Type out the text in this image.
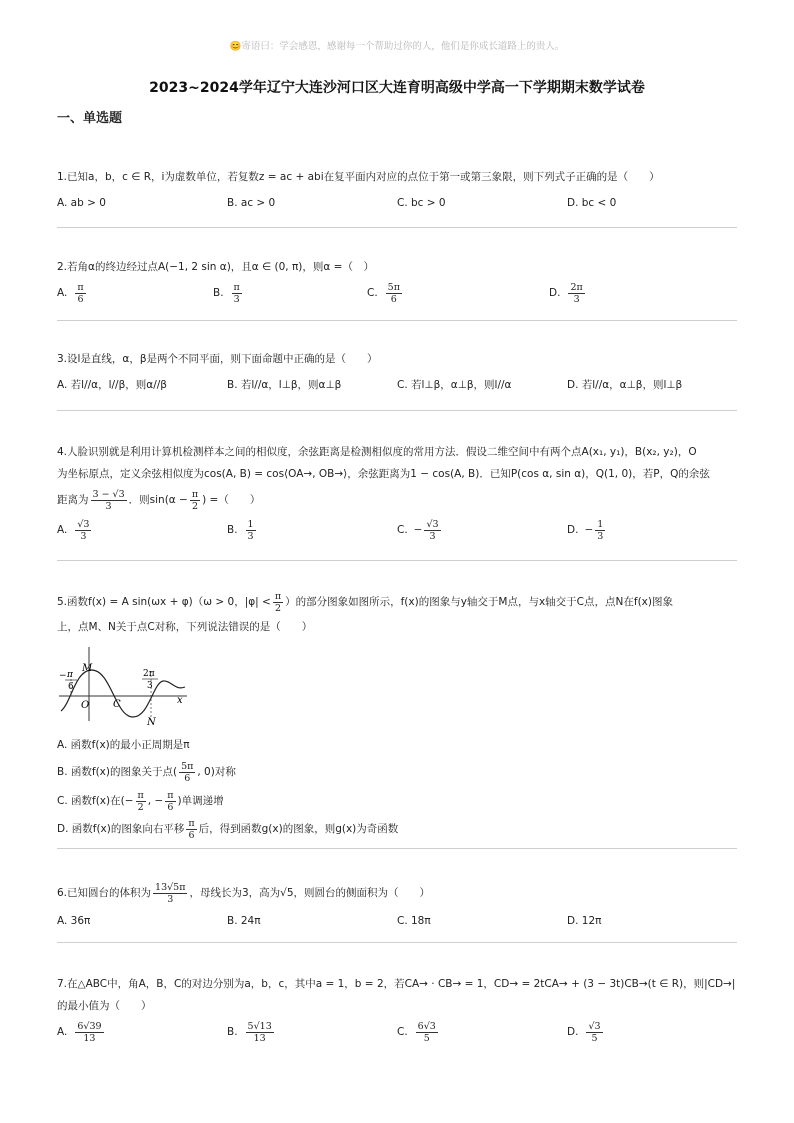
😊寄语曰：学会感恩，感谢每一个帮助过你的人，他们是你成长道路上的贵人。
2023~2024学年辽宁大连沙河口区大连育明高级中学高一下学期期末数学试卷
一、单选题
1.已知a，b，c ∈ R，i为虚数单位，若复数z = ac + abi在复平面内对应的点位于第一或第三象限，则下列式子正确的是（　　）
A. ab > 0	B. ac > 0	C. bc > 0	D. bc < 0
2.若角α的终边经过点A(−1, 2 sin α)，且α ∈ (0, π)，则α =（　）
A. $\frac{\pi}{6}$	B. $\frac{\pi}{3}$	C. $\frac{5\pi}{6}$	D. $\frac{2\pi}{3}$
3.设l是直线，α，β是两个不同平面，则下面命题中正确的是（　　）
A. 若l//α，l//β，则α//β	B. 若l//α，l⊥β，则α⊥β	C. 若l⊥β，α⊥β，则l//α	D. 若l//α，α⊥β，则l⊥β
4.人脸识别就是利用计算机检测样本之间的相似度，余弦距离是检测相似度的常用方法．假设二维空间中有两个点A(x₁, y₁)，B(x₂, y₂)，O
为坐标原点，定义余弦相似度为cos(A, B) = cos⟨OA→, OB→⟩，余弦距离为1 − cos(A, B)．已知P(cos α, sin α)，Q(1, 0)，若P，Q的余弦
距离为 $\frac{3 - √3}{3}$ ．则$\sin(\alpha - \frac{\pi}{2}$ ) =（　　）
A. $\frac{√3}{3}$	B. $\frac{1}{3}$	C. − $\frac{√3}{3}$	D. − $\frac{1}{3}$
5.函数f(x) = A sin(ωx + φ)（ω > 0，$|\varphi| < \frac{\pi}{2}$ ）的部分图象如图所示，f(x)的图象与y轴交于M点，与x轴交于C点，点N在f(x)图象
上，点M、N关于点C对称，下列说法错误的是（　　）
M
O C
N
x
− π
6
2π
3
A. 函数f(x)的最小正周期是π
B. 函数f(x)的图象关于点( $\frac{5\pi}{6}$ , 0)对称
C. 函数f(x)在(− $\frac{\pi}{2}$ , − $\frac{\pi}{6}$ )单调递增
D. 函数f(x)的图象向右平移 $\frac{\pi}{6}$ 后，得到函数g(x)的图象，则g(x)为奇函数
6.已知圆台的体积为 $\frac{13√5\pi}{3}$ ，母线长为3，高为√5，则圆台的侧面积为（　　）
A. 36π	B. 24π	C. 18π	D. 12π
7.在△ABC中，角A，B，C的对边分别为a，b，c，其中a = 1，b = 2，若CA→ · CB→ = 1，CD→ = 2tCA→ + (3 − 3t)CB→(t ∈ R)，则|CD→|
的最小值为（　　）
A. $\frac{6√39}{13}$	B. $\frac{5√13}{13}$	C. $\frac{6√3}{5}$	D. $\frac{√3}{5}$
